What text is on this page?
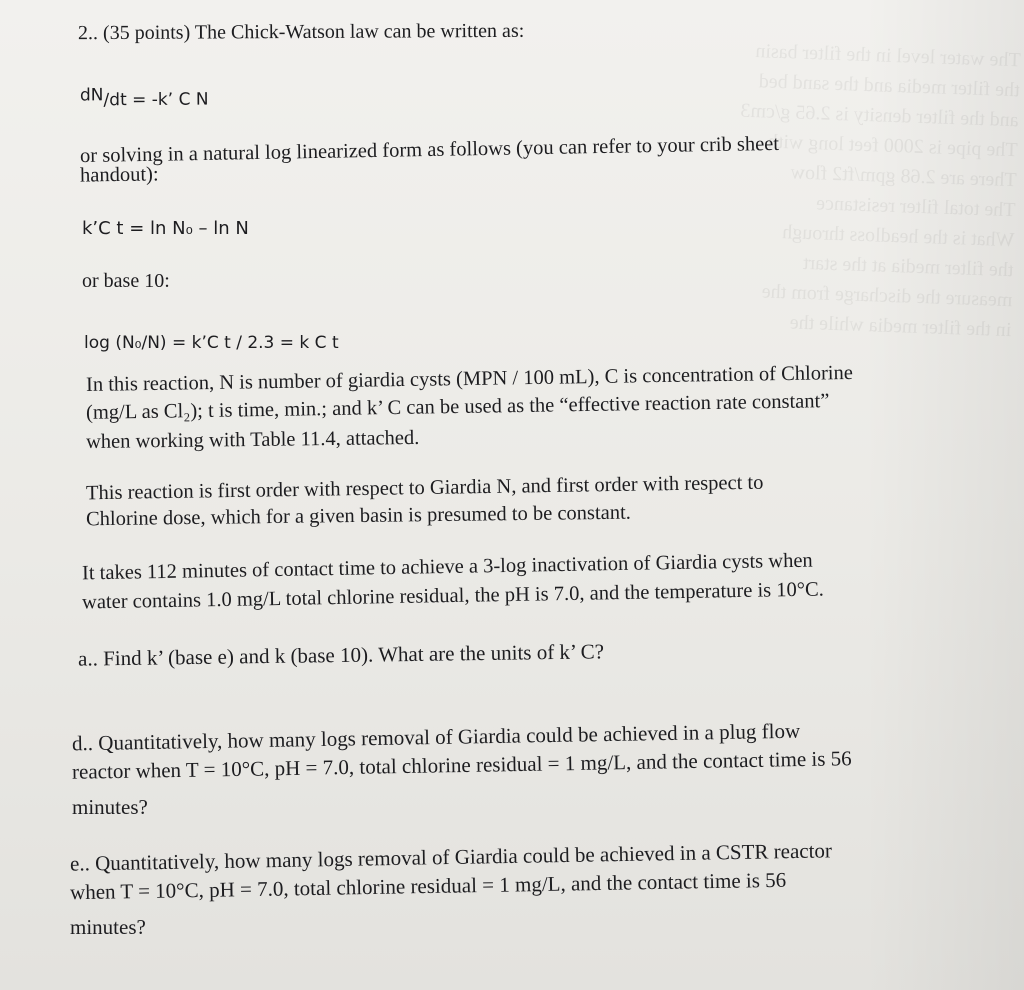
The water level in the filter basin
the filter media and the sand bed
and the filter density is 2.65 g/cm3
The pipe is 2000 feet long with
There are 2.68 gpm/ft2 flow
The total filter resistance
What is the headloss through
the filter media at the start
measure the discharge from the
in the filter media while the
2.. (35 points) The Chick-Watson law can be written as:
dN/dt = -k’ C N
or solving in a natural log linearized form as follows (you can refer to your crib sheet
handout):
k’C t = ln N₀ – ln N
or base 10:
log (N₀/N) = k’C t / 2.3 = k C t
In this reaction, N is number of giardia cysts (MPN / 100 mL), C is concentration of Chlorine
(mg/L as Cl₂); t is time, min.; and k’ C can be used as the “effective reaction rate constant”
when working with Table 11.4, attached.
This reaction is first order with respect to Giardia N, and first order with respect to
Chlorine dose, which for a given basin is presumed to be constant.
It takes 112 minutes of contact time to achieve a 3-log inactivation of Giardia cysts when
water contains 1.0 mg/L total chlorine residual, the pH is 7.0, and the temperature is 10°C.
a.. Find k’ (base e) and k (base 10). What are the units of k’ C?
d.. Quantitatively, how many logs removal of Giardia could be achieved in a plug flow
reactor when T = 10°C, pH = 7.0, total chlorine residual = 1 mg/L, and the contact time is 56
minutes?
e.. Quantitatively, how many logs removal of Giardia could be achieved in a CSTR reactor
when T = 10°C, pH = 7.0, total chlorine residual = 1 mg/L, and the contact time is 56
minutes?
